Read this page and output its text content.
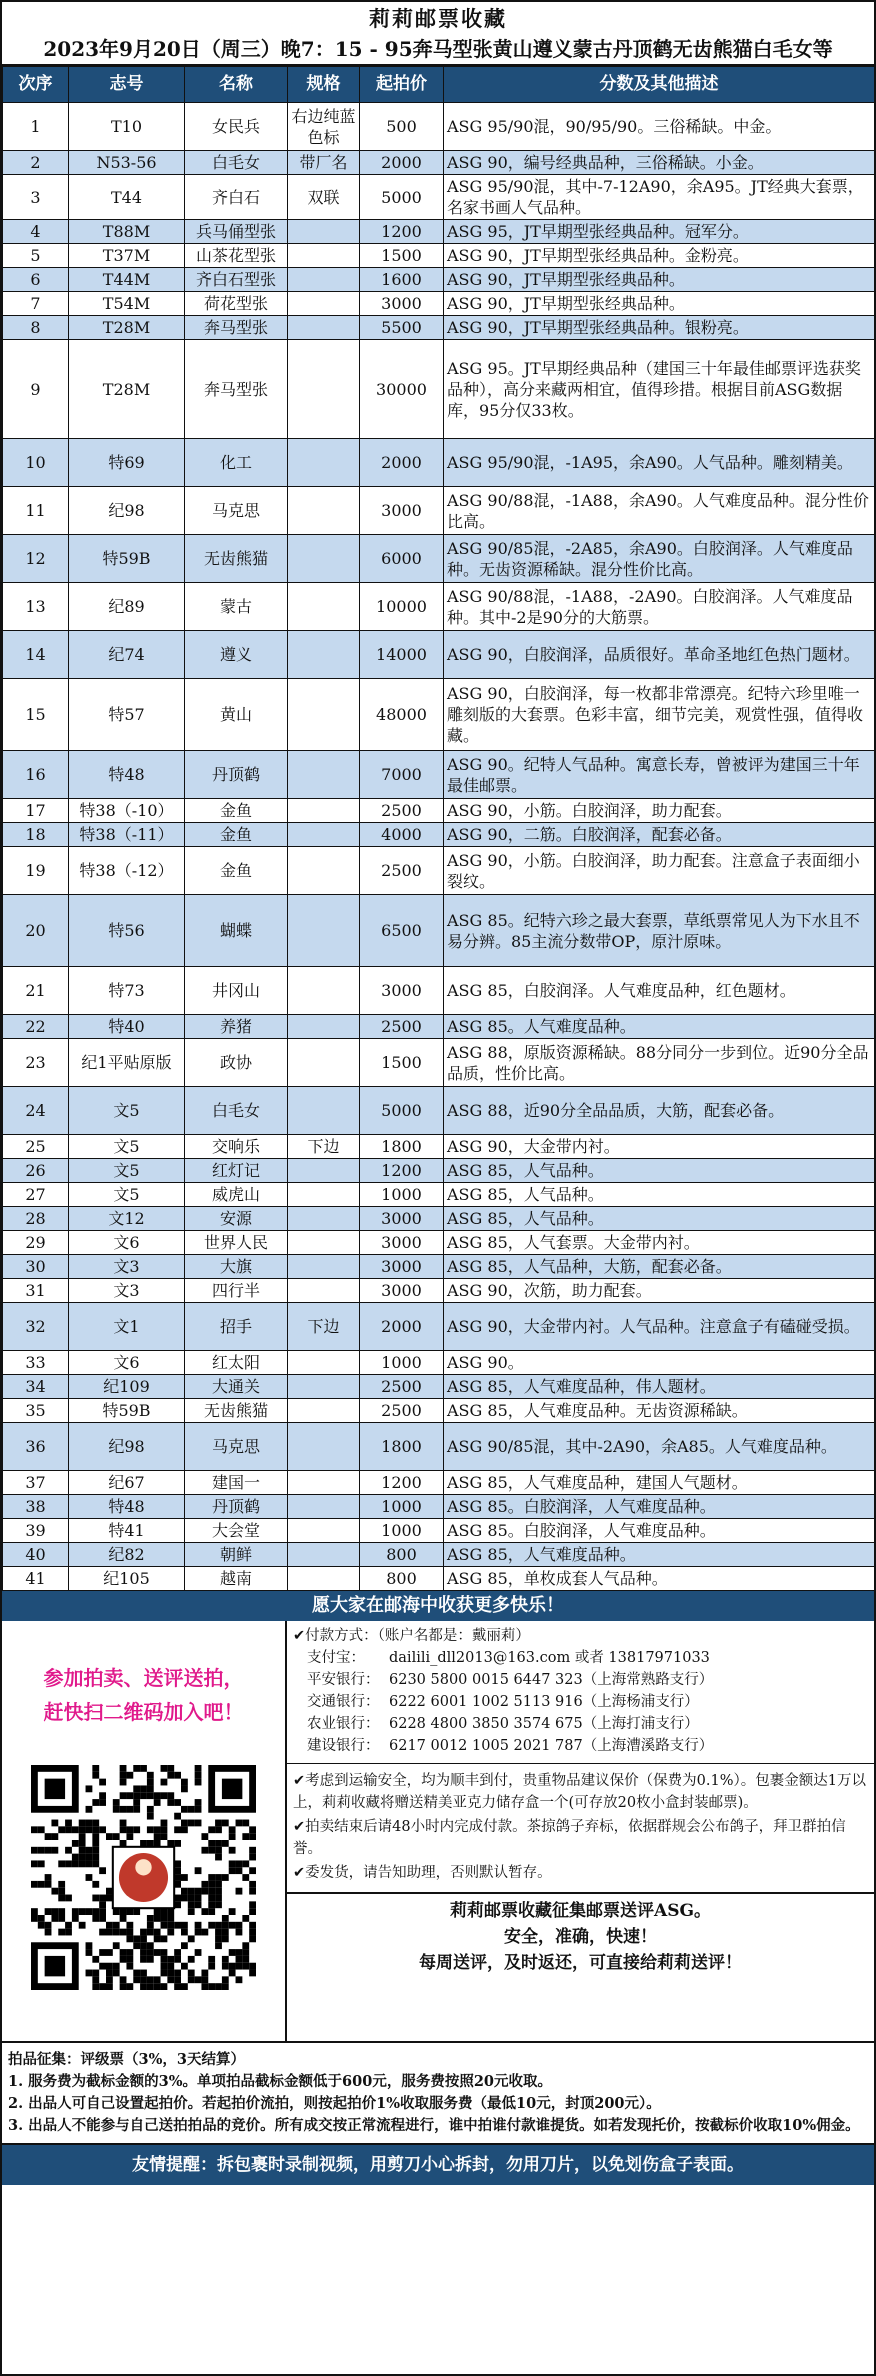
莉莉邮票收藏
2023年9月20日（周三）晚7：15 - 95奔马型张黄山遵义蒙古丹顶鹤无齿熊猫白毛女等
次序	志号	名称	规格	起拍价	分数及其他描述
1	T10	女民兵	右边纯蓝色标	500	ASG 95/90混，90/95/90。三俗稀缺。中金。
2	N53-56	白毛女	带厂名	2000	ASG 90，编号经典品种，三俗稀缺。小金。
3	T44	齐白石	双联	5000	ASG 95/90混，其中-7-12A90，余A95。JT经典大套票，名家书画人气品种。
4	T88M	兵马俑型张		1200	ASG 95，JT早期型张经典品种。冠军分。
5	T37M	山茶花型张		1500	ASG 90，JT早期型张经典品种。金粉亮。
6	T44M	齐白石型张		1600	ASG 90，JT早期型张经典品种。
7	T54M	荷花型张		3000	ASG 90，JT早期型张经典品种。
8	T28M	奔马型张		5500	ASG 90，JT早期型张经典品种。银粉亮。
9	T28M	奔马型张		30000	ASG 95。JT早期经典品种（建国三十年最佳邮票评选获奖品种），高分来藏两相宜，值得珍措。根据目前ASG数据库，95分仅33枚。
10	特69	化工		2000	ASG 95/90混，-1A95，余A90。人气品种。雕刻精美。
11	纪98	马克思		3000	ASG 90/88混，-1A88，余A90。人气难度品种。混分性价比高。
12	特59B	无齿熊猫		6000	ASG 90/85混，-2A85，余A90。白胶润泽。人气难度品种。无齿资源稀缺。混分性价比高。
13	纪89	蒙古		10000	ASG 90/88混，-1A88，-2A90。白胶润泽。人气难度品种。其中-2是90分的大筋票。
14	纪74	遵义		14000	ASG 90，白胶润泽，品质很好。革命圣地红色热门题材。
15	特57	黄山		48000	ASG 90，白胶润泽，每一枚都非常漂亮。纪特六珍里唯一雕刻版的大套票。色彩丰富，细节完美，观赏性强，值得收藏。
16	特48	丹顶鹤		7000	ASG 90。纪特人气品种。寓意长寿，曾被评为建国三十年最佳邮票。
17	特38（-10）	金鱼		2500	ASG 90，小筋。白胶润泽，助力配套。
18	特38（-11）	金鱼		4000	ASG 90，二筋。白胶润泽，配套必备。
19	特38（-12）	金鱼		2500	ASG 90，小筋。白胶润泽，助力配套。注意盒子表面细小裂纹。
20	特56	蝴蝶		6500	ASG 85。纪特六珍之最大套票，草纸票常见人为下水且不易分辨。85主流分数带OP，原汁原味。
21	特73	井冈山		3000	ASG 85，白胶润泽。人气难度品种，红色题材。
22	特40	养猪		2500	ASG 85。人气难度品种。
23	纪1平贴原版	政协		1500	ASG 88，原版资源稀缺。88分同分一步到位。近90分全品品质，性价比高。
24	文5	白毛女		5000	ASG 88，近90分全品品质，大筋，配套必备。
25	文5	交响乐	下边	1800	ASG 90，大金带内衬。
26	文5	红灯记		1200	ASG 85，人气品种。
27	文5	威虎山		1000	ASG 85，人气品种。
28	文12	安源		3000	ASG 85，人气品种。
29	文6	世界人民		3000	ASG 85，人气套票。大金带内衬。
30	文3	大旗		3000	ASG 85，人气品种，大筋，配套必备。
31	文3	四行半		3000	ASG 90，次筋，助力配套。
32	文1	招手	下边	2000	ASG 90，大金带内衬。人气品种。注意盒子有磕碰受损。
33	文6	红太阳		1000	ASG 90。
34	纪109	大通关		2500	ASG 85，人气难度品种，伟人题材。
35	特59B	无齿熊猫		2500	ASG 85，人气难度品种。无齿资源稀缺。
36	纪98	马克思		1800	ASG 90/85混，其中-2A90，余A85。人气难度品种。
37	纪67	建国一		1200	ASG 85，人气难度品种，建国人气题材。
38	特48	丹顶鹤		1000	ASG 85。白胶润泽，人气难度品种。
39	特41	大会堂		1000	ASG 85。白胶润泽，人气难度品种。
40	纪82	朝鲜		800	ASG 85，人气难度品种。
41	纪105	越南		800	ASG 85，单枚成套人气品种。
愿大家在邮海中收获更多快乐！
参加拍卖、送评送拍，
赶快扫二维码加入吧！
✔付款方式：（账户名都是：戴丽莉）
支付宝：	dailili_dll2013@163.com 或者 13817971033
平安银行： 6230 5800 0015 6447 323（上海常熟路支行）
交通银行： 6222 6001 1002 5113 916（上海杨浦支行）
农业银行： 6228 4800 3850 3574 675（上海打浦支行）
建设银行： 6217 0012 1005 2021 787（上海漕溪路支行）

✔考虑到运输安全，均为顺丰到付，贵重物品建议保价（保费为0.1%）。包裹金额达1万以上，莉莉收藏将赠送精美亚克力储存盒一个(可存放20枚小盒封装邮票)。

✔拍卖结束后请48小时内完成付款。茶掠鸽子弃标，依据群规会公布鸽子，拜卫群拍信誉。

✔委发货，请告知助理，否则默认暂存。

莉莉邮票收藏征集邮票送评ASG。
安全，准确，快速！
每周送评，及时返还，可直接给莉莉送评！
拍品征集：评级票（3%，3天结算）
1. 服务费为截标金额的3%。单项拍品截标金额低于600元，服务费按照20元收取。
2. 出品人可自己设置起拍价。若起拍价流拍，则按起拍价1%收取服务费（最低10元，封顶200元）。
3. 出品人不能参与自己送拍拍品的竞价。所有成交按正常流程进行，谁中拍谁付款谁提货。如若发现托价，按截标价收取10%佣金。
友情提醒：拆包裹时录制视频，用剪刀小心拆封，勿用刀片，以免划伤盒子表面。
